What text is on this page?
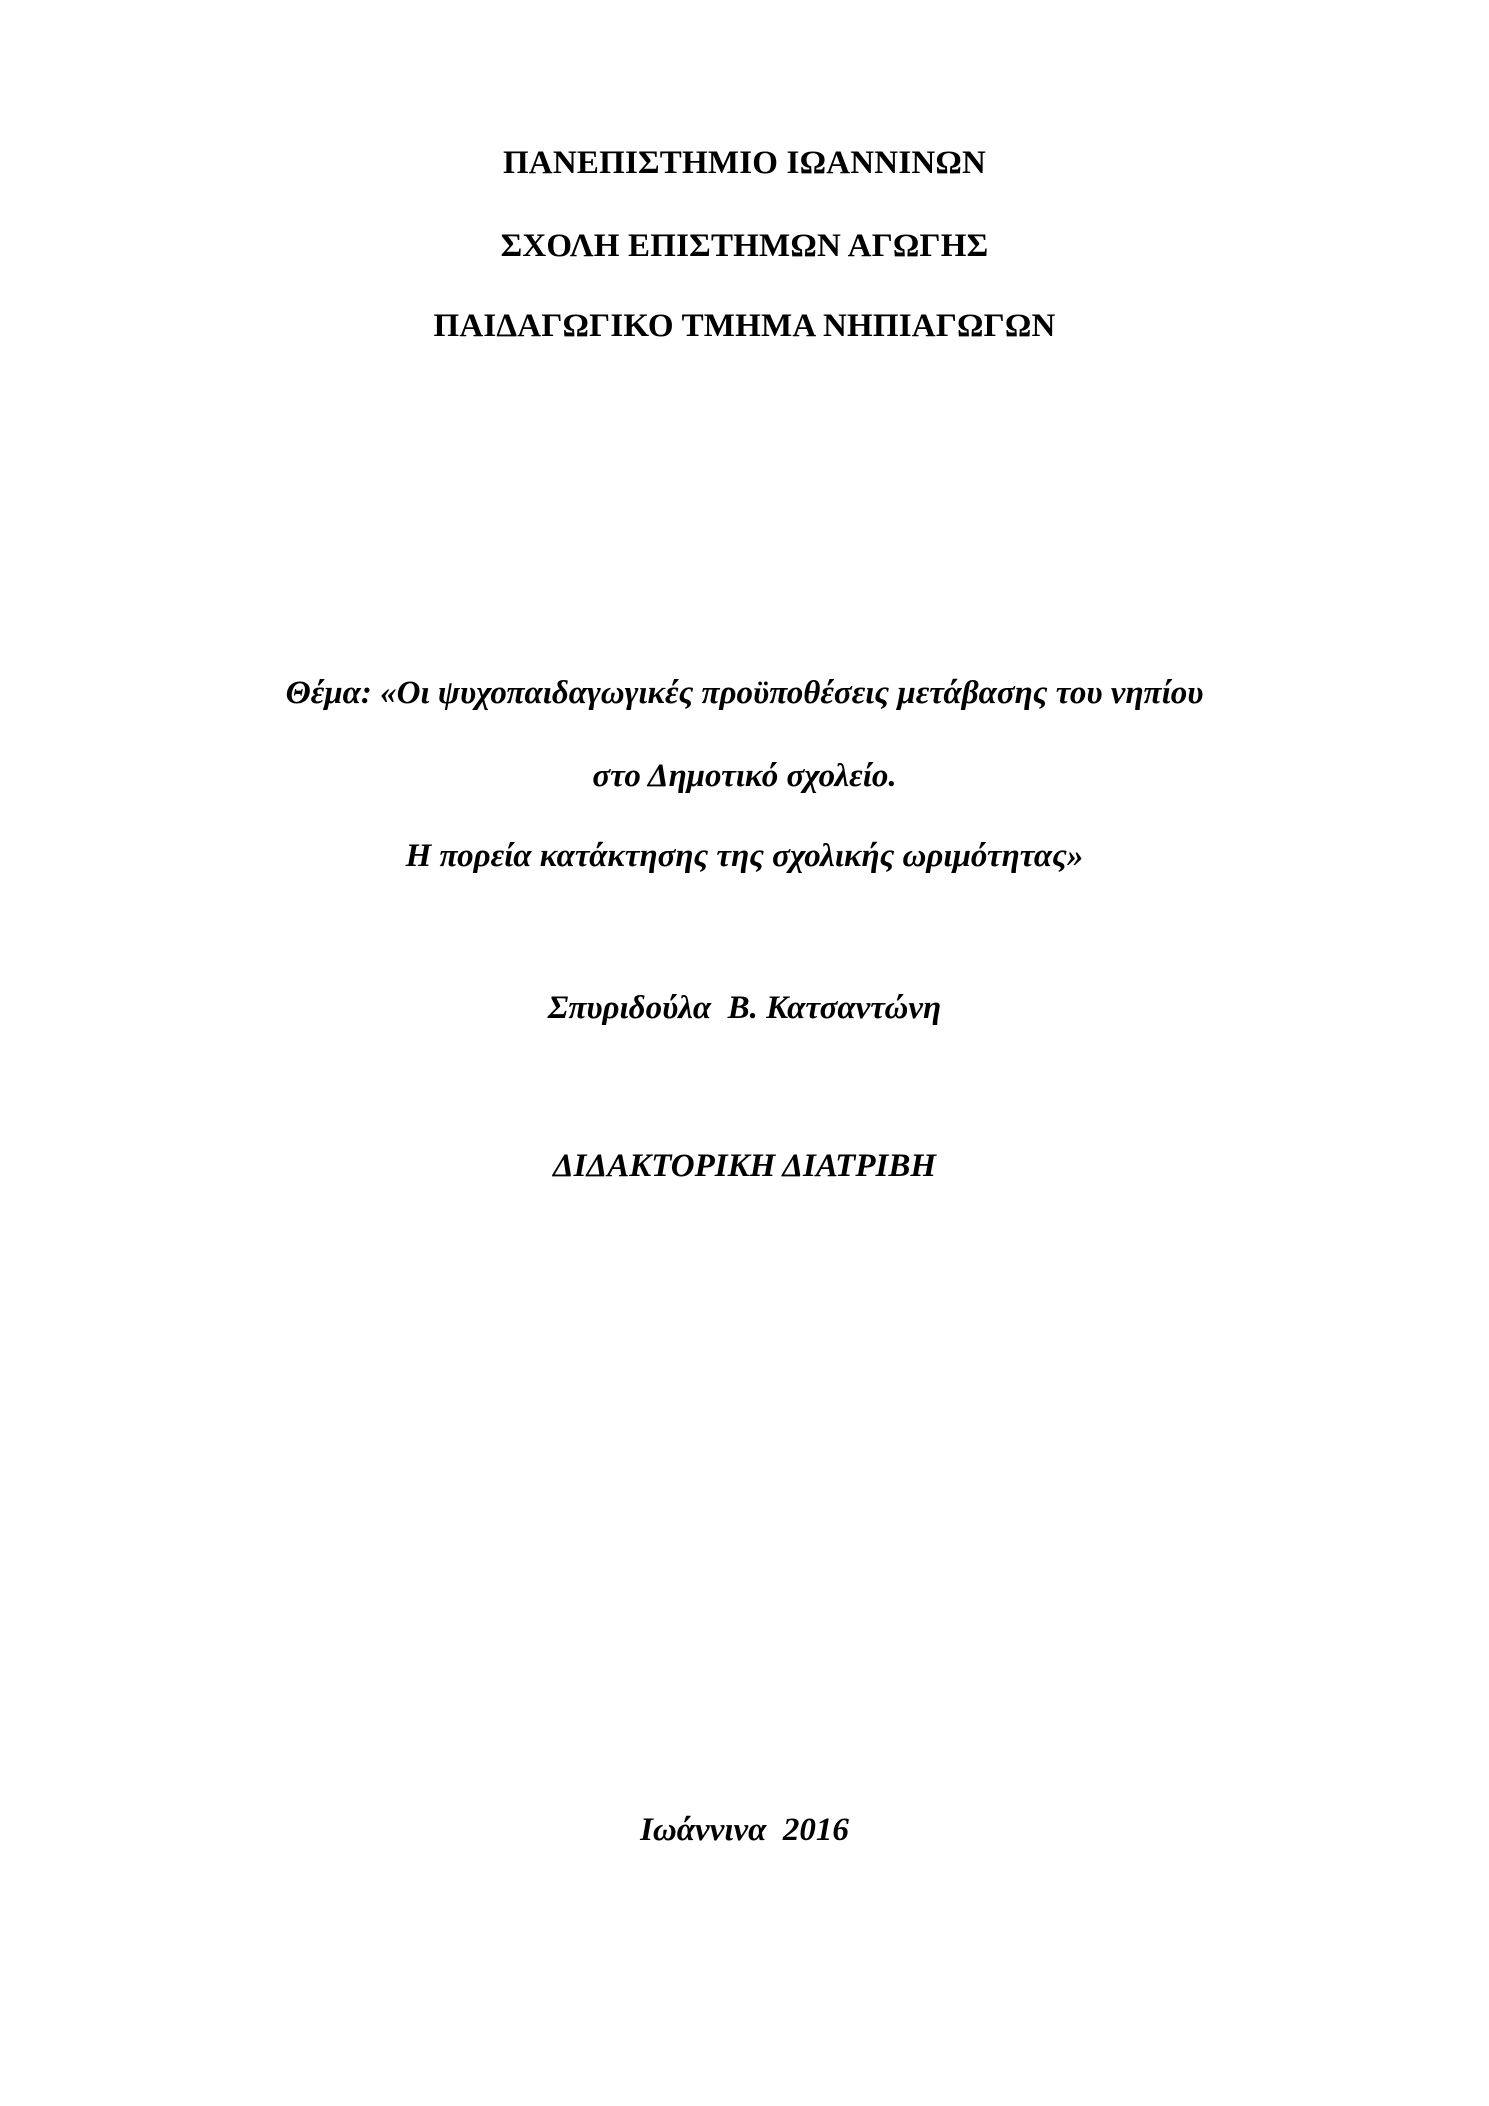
ΠΑΝΕΠΙΣΤΗΜΙΟ ΙΩΑΝΝΙΝΩΝ
ΣΧΟΛΗ ΕΠΙΣΤΗΜΩΝ ΑΓΩΓΗΣ
ΠΑΙΔΑΓΩΓΙΚΟ ΤΜΗΜΑ ΝΗΠΙΑΓΩΓΩΝ
Θέμα: «Οι ψυχοπαιδαγωγικές προϋποθέσεις μετάβασης του νηπίου
στο Δημοτικό σχολείο.
Η πορεία κατάκτησης της σχολικής ωριμότητας»
Σπυριδούλα  Β. Κατσαντώνη
ΔΙΔΑΚΤΟΡΙΚΗ ΔΙΑΤΡΙΒΗ
Ιωάννινα  2016
